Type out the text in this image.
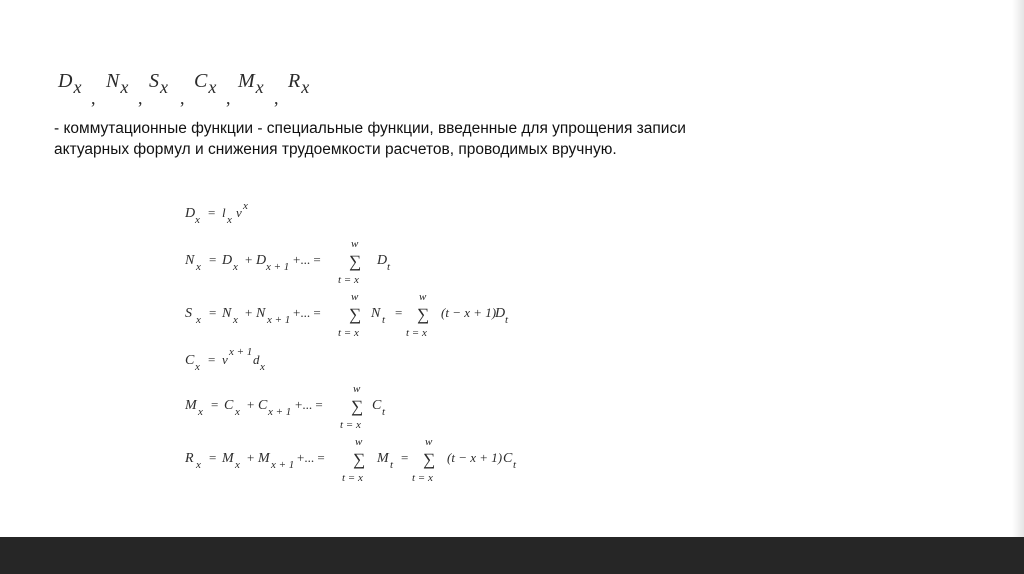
$D_x$
,
$N_x$
,
$S_x$
,
$C_x$
,
$M_x$
,
$R_x$
- коммутационные функции - специальные функции, введенные для упрощения записи актуарных формул и снижения трудоемкости расчетов, проводимых вручную.
D x = l x v x
N x = D x + D x + 1 +... =
w
∑
t = x
D t
S x = N x + N x + 1 +... =
w
∑
t = x
N t =
w
∑
t = x
(t − x + 1)
D t
C x = v x + 1 d x
M x = C x + C x + 1 +... =
w
∑
t = x
C t
R x = M x + M x + 1 +... =
w
∑
t = x
M t =
w
∑
t = x
(t − x + 1) C t
